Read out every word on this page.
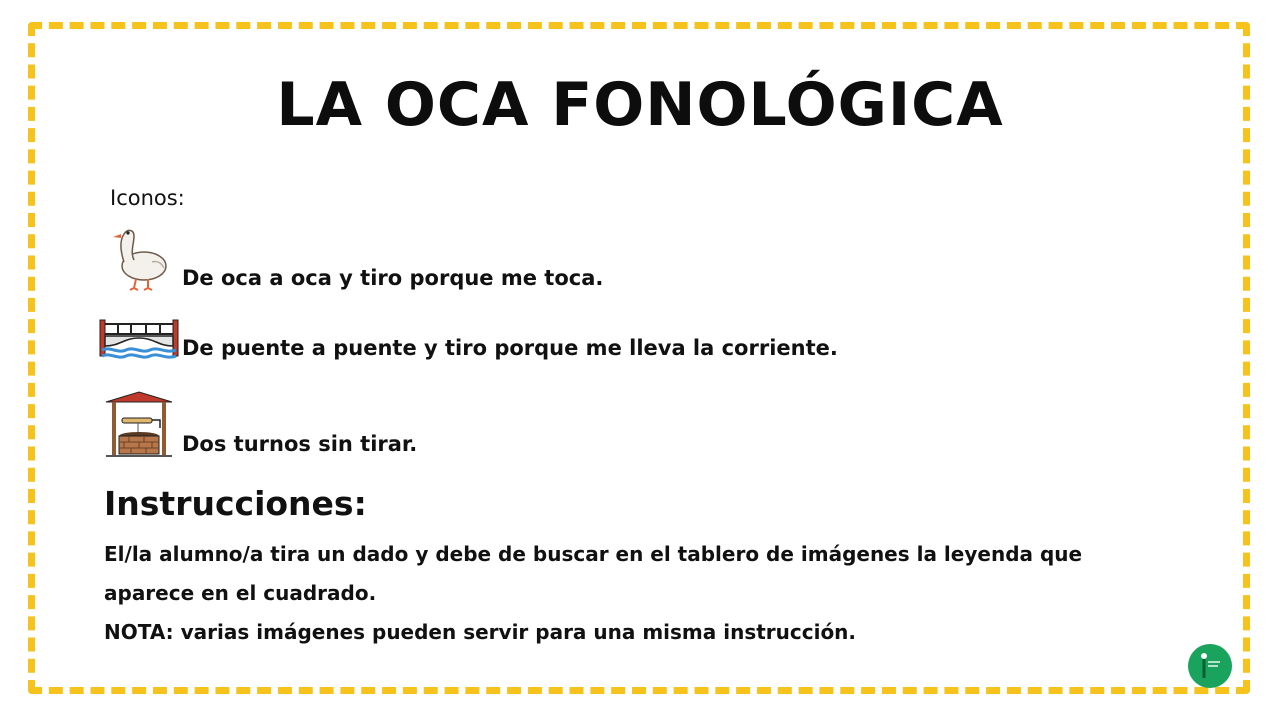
LA OCA FONOLÓGICA
Iconos:
De oca a oca y tiro porque me toca.
De puente a puente y tiro porque me lleva la corriente.
Dos turnos sin tirar.
Instrucciones:
El/la alumno/a tira un dado y debe de buscar en el tablero de imágenes la leyenda que
aparece en el cuadrado.
NOTA: varias imágenes pueden servir para una misma instrucción.
